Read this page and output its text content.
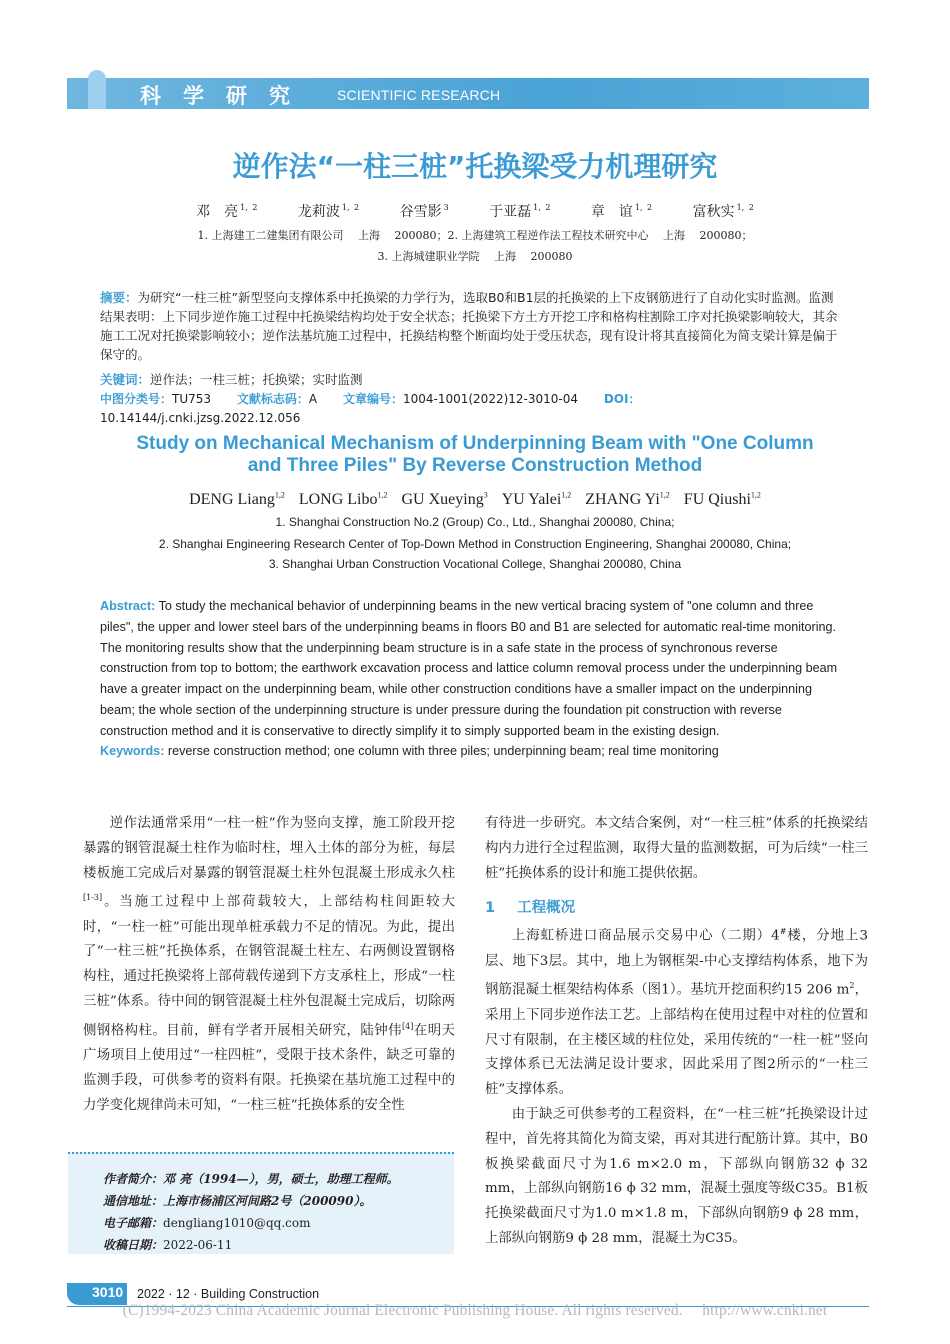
科学研究 SCIENTIFIC RESEARCH
逆作法“一柱三桩”托换梁受力机理研究
邓　亮 $^{1, 2}$	龙莉波 $^{1, 2}$	谷雪影 $^3$	于亚磊 $^{1, 2}$	章　谊 $^{1, 2}$	富秋实 $^{1, 2}$
1. 上海建工二建集团有限公司　 上海　 200080；2. 上海建筑工程逆作法工程技术研究中心　 上海　 200080；
3. 上海城建职业学院　 上海　 200080
摘要：为研究“一柱三桩”新型竖向支撑体系中托换梁的力学行为，选取B0和B1层的托换梁的上下皮钢筋进行了自动化实时监测。监测结果表明：上下同步逆作施工过程中托换梁结构均处于安全状态；托换梁下方土方开挖工序和格构柱割除工序对托换梁影响较大，其余施工工况对托换梁影响较小；逆作法基坑施工过程中，托换结构整个断面均处于受压状态，现有设计将其直接简化为简支梁计算是偏于保守的。
关键词：逆作法；一柱三桩；托换梁；实时监测
中图分类号：TU753 文献标志码：A 文章编号：1004-1001(2022)12-3010-04 DOI：10.14144/j.cnki.jzsg.2022.12.056
Study on Mechanical Mechanism of Underpinning Beam with "One Column
and Three Piles" By Reverse Construction Method
DENG Liang$^{1,2}$ LONG Libo$^{1,2}$ GU Xueying$^3$ YU Yalei$^{1,2}$ ZHANG Yi$^{1,2}$ FU Qiushi$^{1,2}$
1. Shanghai Construction No.2 (Group) Co., Ltd., Shanghai 200080, China;
2. Shanghai Engineering Research Center of Top-Down Method in Construction Engineering, Shanghai 200080, China;
3. Shanghai Urban Construction Vocational College, Shanghai 200080, China
Abstract: To study the mechanical behavior of underpinning beams in the new vertical bracing system of "one column and three piles", the upper and lower steel bars of the underpinning beams in floors B0 and B1 are selected for automatic real-time monitoring. The monitoring results show that the underpinning beam structure is in a safe state in the process of synchronous reverse construction from top to bottom; the earthwork excavation process and lattice column removal process under the underpinning beam have a greater impact on the underpinning beam, while other construction conditions have a smaller impact on the underpinning beam; the whole section of the underpinning structure is under pressure during the foundation pit construction with reverse construction method and it is conservative to directly simplify it to simply supported beam in the existing design.
Keywords: reverse construction method; one column with three piles; underpinning beam; real time monitoring

逆作法通常采用“一柱一桩”作为竖向支撑，施工阶段开挖暴露的钢管混凝土柱作为临时柱，埋入土体的部分为桩，每层楼板施工完成后对暴露的钢管混凝土柱外包混凝土形成永久柱[1-3]。当施工过程中上部荷载较大，上部结构柱间距较大时，“一柱一桩”可能出现单桩承载力不足的情况。为此，提出了“一柱三桩”托换体系，在钢管混凝土柱左、右两侧设置钢格构柱，通过托换梁将上部荷载传递到下方支承柱上，形成“一柱三桩”体系。待中间的钢管混凝土柱外包混凝土完成后，切除两侧钢格构柱。目前，鲜有学者开展相关研究，陆钟伟[4]在明天广场项目上使用过“一柱四桩”，受限于技术条件，缺乏可靠的监测手段，可供参考的资料有限。托换梁在基坑施工过程中的力学变化规律尚未可知，“一柱三桩”托换体系的安全性

有待进一步研究。本文结合案例，对“一柱三桩”体系的托换梁结构内力进行全过程监测，取得大量的监测数据，可为后续“一柱三桩”托换体系的设计和施工提供依据。

1 工程概况

上海虹桥进口商品展示交易中心（二期）4#楼，分地上3层、地下3层。其中，地上为钢框架-中心支撑结构体系，地下为钢筋混凝土框架结构体系（图1）。基坑开挖面积约15 206 $m^2$，采用上下同步逆作法工艺。上部结构在使用过程中对柱的位置和尺寸有限制，在主楼区域的柱位处，采用传统的“一柱一桩”竖向支撑体系已无法满足设计要求，因此采用了图2所示的“一柱三桩”支撑体系。

由于缺乏可供参考的工程资料，在“一柱三桩”托换梁设计过程中，首先将其简化为简支梁，再对其进行配筋计算。其中，B0板换梁截面尺寸为1.6 m×2.0 m，下部纵向钢筋32 ϕ 32 mm，上部纵向钢筋16 ϕ 32 mm，混凝土强度等级C35。B1板托换梁截面尺寸为1.0 m×1.8 m，下部纵向钢筋9 ϕ 28 mm，上部纵向钢筋9 ϕ 28 mm，混凝土为C35。

作者简介：邓 亮（1994—），男，硕士，助理工程师。
通信地址：上海市杨浦区河间路2号（200090）。
电子邮箱：dengliang1010@qq.com
收稿日期：2022-06-11
3010 2022 · 12 · Building Construction
(C)1994-2023 China Academic Journal Electronic Publishing House. All rights reserved.　 http://www.cnki.net
